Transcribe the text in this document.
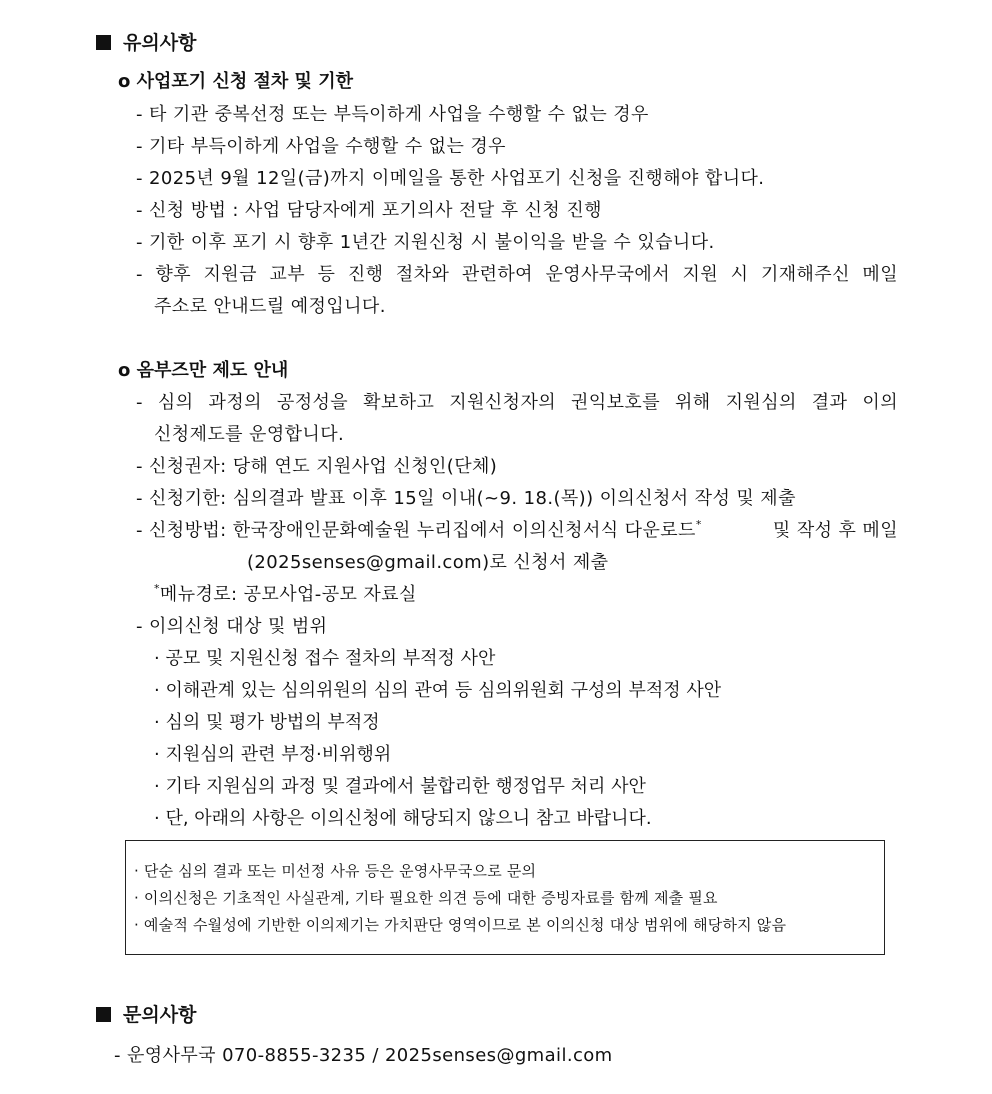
유의사항
o 사업포기 신청 절차 및 기한
- 타 기관 중복선정 또는 부득이하게 사업을 수행할 수 없는 경우
- 기타 부득이하게 사업을 수행할 수 없는 경우
- 2025년 9월 12일(금)까지 이메일을 통한 사업포기 신청을 진행해야 합니다.
- 신청 방법 : 사업 담당자에게 포기의사 전달 후 신청 진행
- 기한 이후 포기 시 향후 1년간 지원신청 시 불이익을 받을 수 있습니다.
- 향후 지원금 교부 등 진행 절차와 관련하여 운영사무국에서 지원 시 기재해주신 메일
주소로 안내드릴 예정입니다.
o 옴부즈만 제도 안내
- 심의 과정의 공정성을 확보하고 지원신청자의 권익보호를 위해 지원심의 결과 이의
신청제도를 운영합니다.
- 신청권자: 당해 연도 지원사업 신청인(단체)
- 신청기한: 심의결과 발표 이후 15일 이내(~9. 18.(목)) 이의신청서 작성 및 제출
- 신청방법: 한국장애인문화예술원 누리집에서 이의신청서식 다운로드*	및 작성 후 메일
(2025senses@gmail.com)로 신청서 제출
*메뉴경로: 공모사업-공모 자료실
- 이의신청 대상 및 범위
· 공모 및 지원신청 접수 절차의 부적정 사안
· 이해관계 있는 심의위원의 심의 관여 등 심의위원회 구성의 부적정 사안
· 심의 및 평가 방법의 부적정
· 지원심의 관련 부정·비위행위
· 기타 지원심의 과정 및 결과에서 불합리한 행정업무 처리 사안
· 단, 아래의 사항은 이의신청에 해당되지 않으니 참고 바랍니다.
· 단순 심의 결과 또는 미선정 사유 등은 운영사무국으로 문의
· 이의신청은 기초적인 사실관계, 기타 필요한 의견 등에 대한 증빙자료를 함께 제출 필요
· 예술적 수월성에 기반한 이의제기는 가치판단 영역이므로 본 이의신청 대상 범위에 해당하지 않음
문의사항
- 운영사무국 070-8855-3235 / 2025senses@gmail.com
